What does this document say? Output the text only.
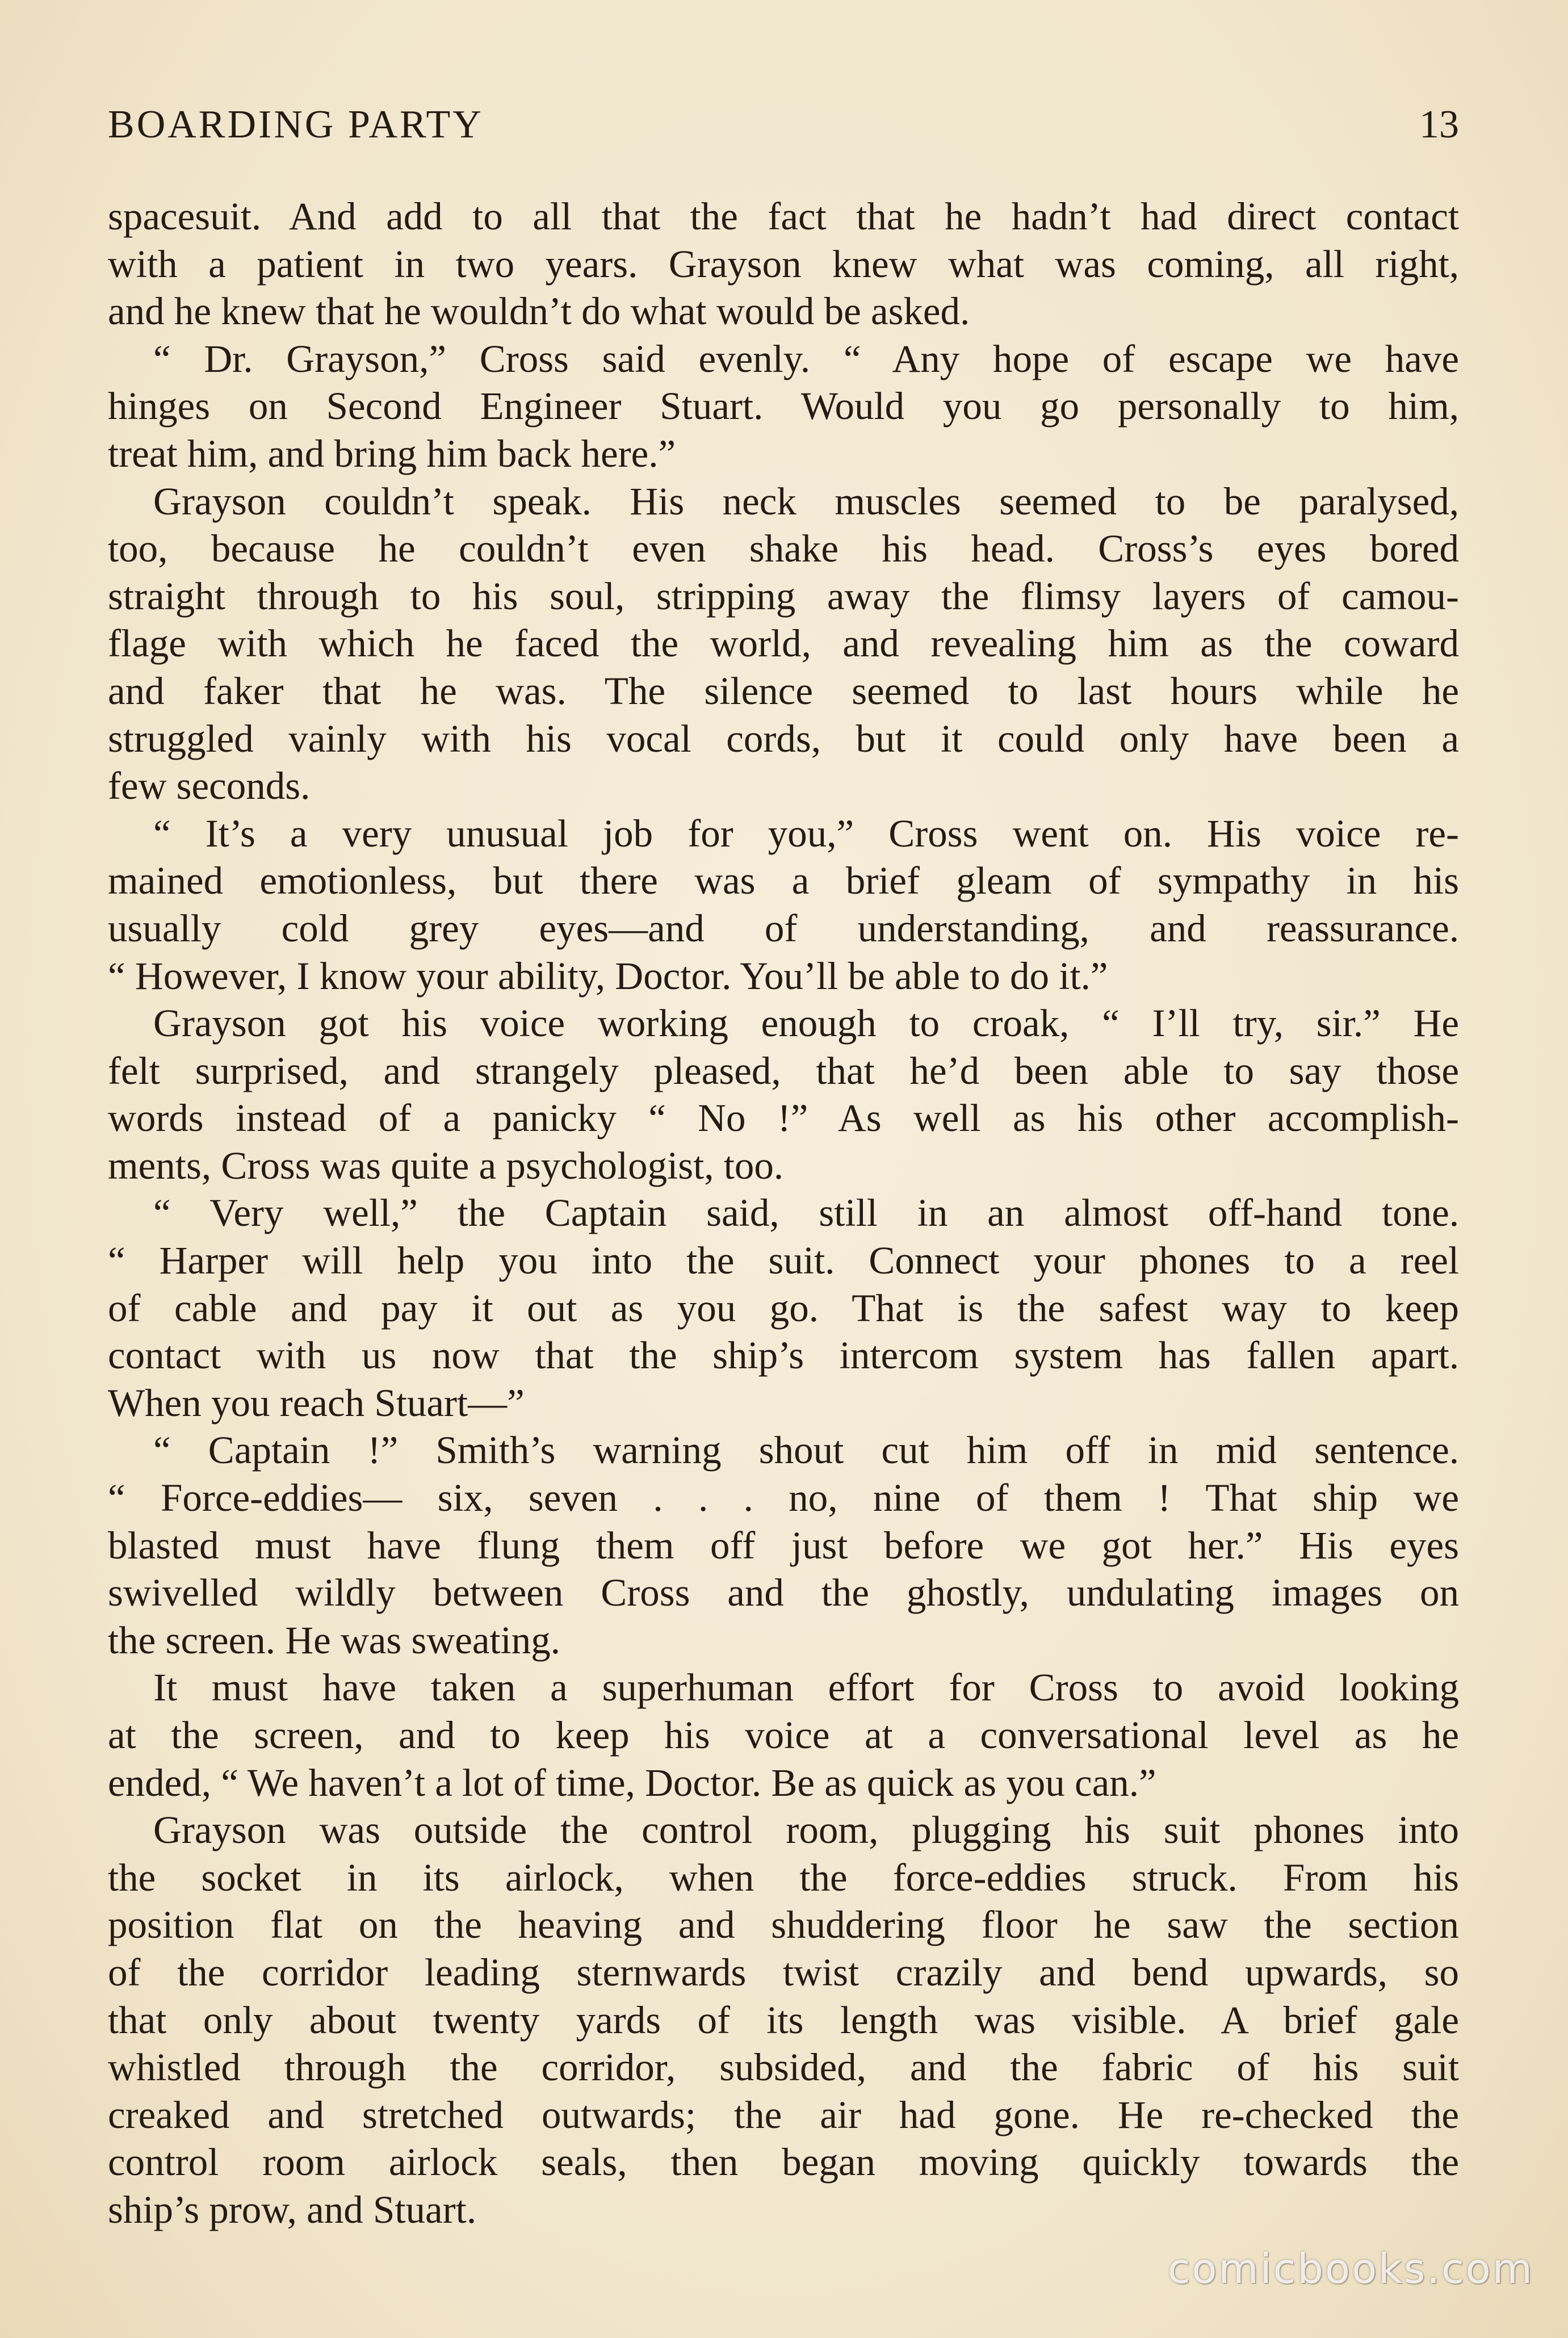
BOARDING PARTY	13
spacesuit. And add to all that the fact that he hadn’t had direct contact
with a patient in two years. Grayson knew what was coming, all right,
and he knew that he wouldn’t do what would be asked.
“ Dr. Grayson,” Cross said evenly. “ Any hope of escape we have
hinges on Second Engineer Stuart. Would you go personally to him,
treat him, and bring him back here.”
Grayson couldn’t speak. His neck muscles seemed to be paralysed,
too, because he couldn’t even shake his head. Cross’s eyes bored
straight through to his soul, stripping away the flimsy layers of camou-
flage with which he faced the world, and revealing him as the coward
and faker that he was. The silence seemed to last hours while he
struggled vainly with his vocal cords, but it could only have been a
few seconds.
“ It’s a very unusual job for you,” Cross went on. His voice re-
mained emotionless, but there was a brief gleam of sympathy in his
usually cold grey eyes—and of understanding, and reassurance.
“ However, I know your ability, Doctor. You’ll be able to do it.”
Grayson got his voice working enough to croak, “ I’ll try, sir.” He
felt surprised, and strangely pleased, that he’d been able to say those
words instead of a panicky “ No !” As well as his other accomplish-
ments, Cross was quite a psychologist, too.
“ Very well,” the Captain said, still in an almost off-hand tone.
“ Harper will help you into the suit. Connect your phones to a reel
of cable and pay it out as you go. That is the safest way to keep
contact with us now that the ship’s intercom system has fallen apart.
When you reach Stuart—”
“ Captain !” Smith’s warning shout cut him off in mid sentence.
“ Force-eddies— six, seven . . . no, nine of them ! That ship we
blasted must have flung them off just before we got her.” His eyes
swivelled wildly between Cross and the ghostly, undulating images on
the screen. He was sweating.
It must have taken a superhuman effort for Cross to avoid looking
at the screen, and to keep his voice at a conversational level as he
ended, “ We haven’t a lot of time, Doctor. Be as quick as you can.”
Grayson was outside the control room, plugging his suit phones into
the socket in its airlock, when the force-eddies struck. From his
position flat on the heaving and shuddering floor he saw the section
of the corridor leading sternwards twist crazily and bend upwards, so
that only about twenty yards of its length was visible. A brief gale
whistled through the corridor, subsided, and the fabric of his suit
creaked and stretched outwards; the air had gone. He re-checked the
control room airlock seals, then began moving quickly towards the
ship’s prow, and Stuart.
comicbooks.com
